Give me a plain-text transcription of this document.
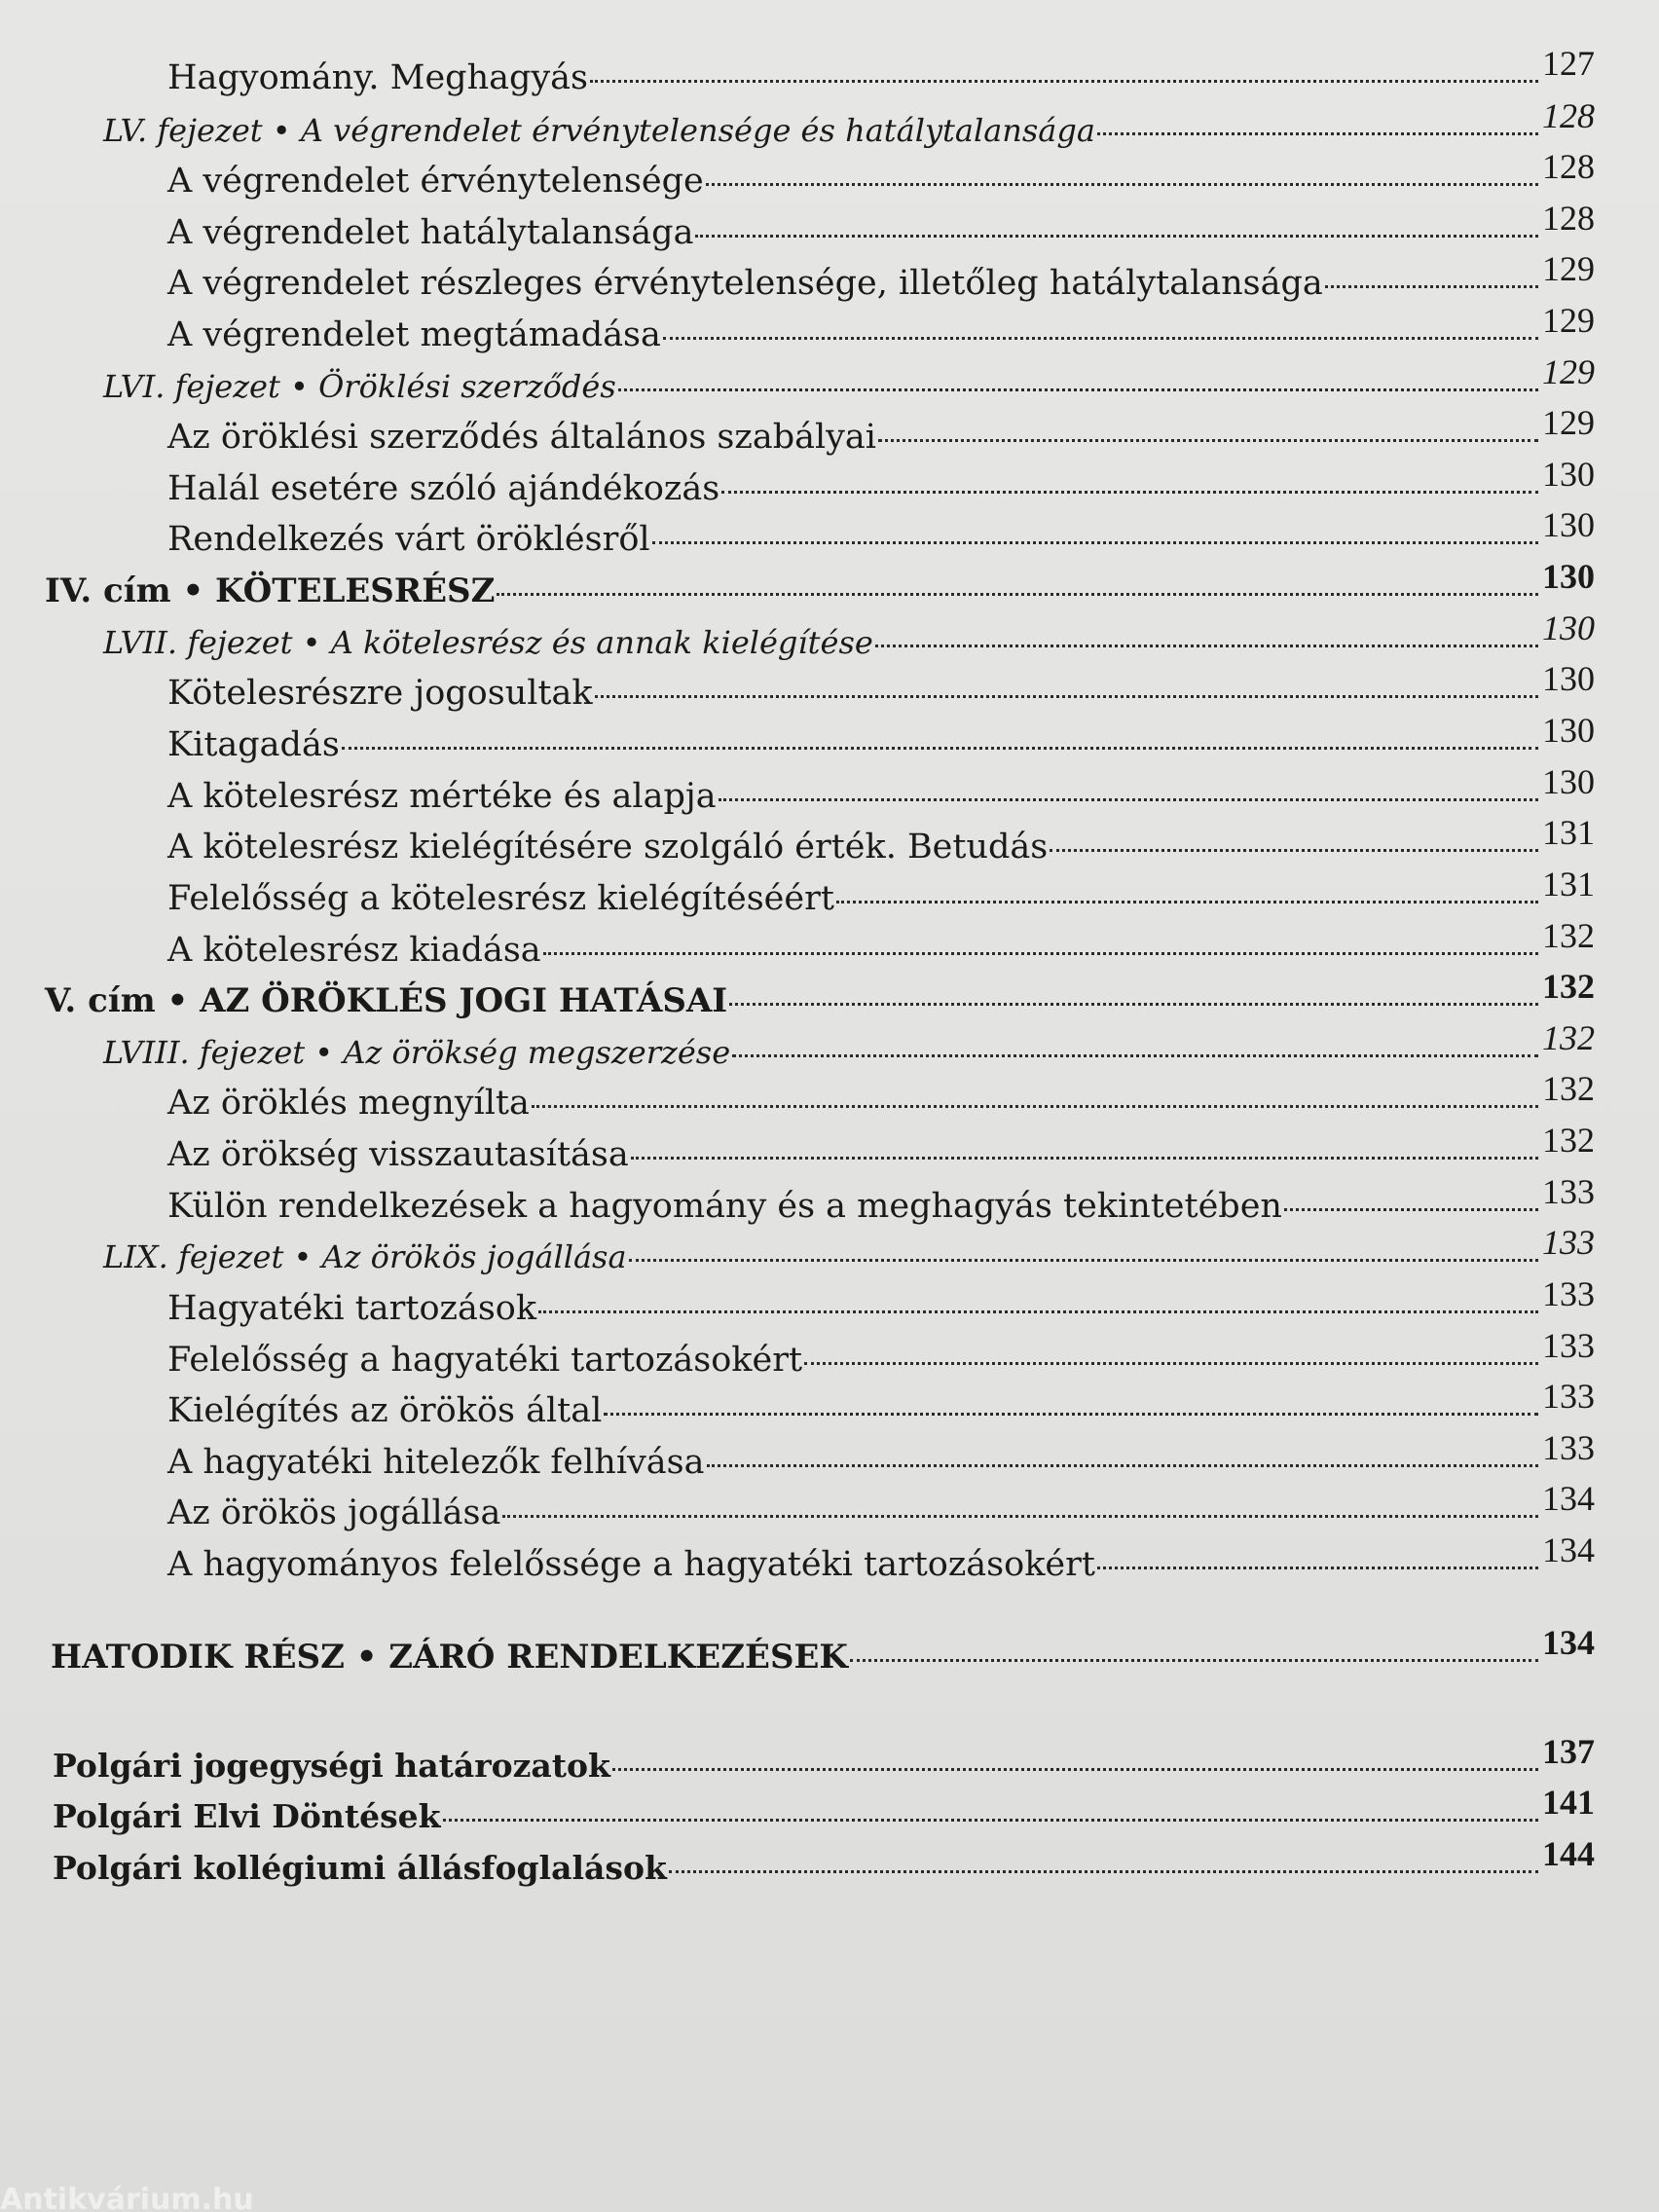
Hagyomány. Meghagyás	127
LV. fejezet • A végrendelet érvénytelensége és hatálytalansága	128
A végrendelet érvénytelensége	128
A végrendelet hatálytalansága	128
A végrendelet részleges érvénytelensége, illetőleg hatálytalansága	129
A végrendelet megtámadása	129
LVI. fejezet • Öröklési szerződés	129
Az öröklési szerződés általános szabályai	129
Halál esetére szóló ajándékozás	130
Rendelkezés várt öröklésről	130
IV. cím • KÖTELESRÉSZ	130
LVII. fejezet • A kötelesrész és annak kielégítése	130
Kötelesrészre jogosultak	130
Kitagadás	130
A kötelesrész mértéke és alapja	130
A kötelesrész kielégítésére szolgáló érték. Betudás	131
Felelősség a kötelesrész kielégítéséért	131
A kötelesrész kiadása	132
V. cím • AZ ÖRÖKLÉS JOGI HATÁSAI	132
LVIII. fejezet • Az örökség megszerzése	132
Az öröklés megnyílta	132
Az örökség visszautasítása	132
Külön rendelkezések a hagyomány és a meghagyás tekintetében	133
LIX. fejezet • Az örökös jogállása	133
Hagyatéki tartozások	133
Felelősség a hagyatéki tartozásokért	133
Kielégítés az örökös által	133
A hagyatéki hitelezők felhívása	133
Az örökös jogállása	134
A hagyományos felelőssége a hagyatéki tartozásokért	134
HATODIK RÉSZ • ZÁRÓ RENDELKEZÉSEK	134
Polgári jogegységi határozatok	137
Polgári Elvi Döntések	141
Polgári kollégiumi állásfoglalások	144
Antikvárium.hu
